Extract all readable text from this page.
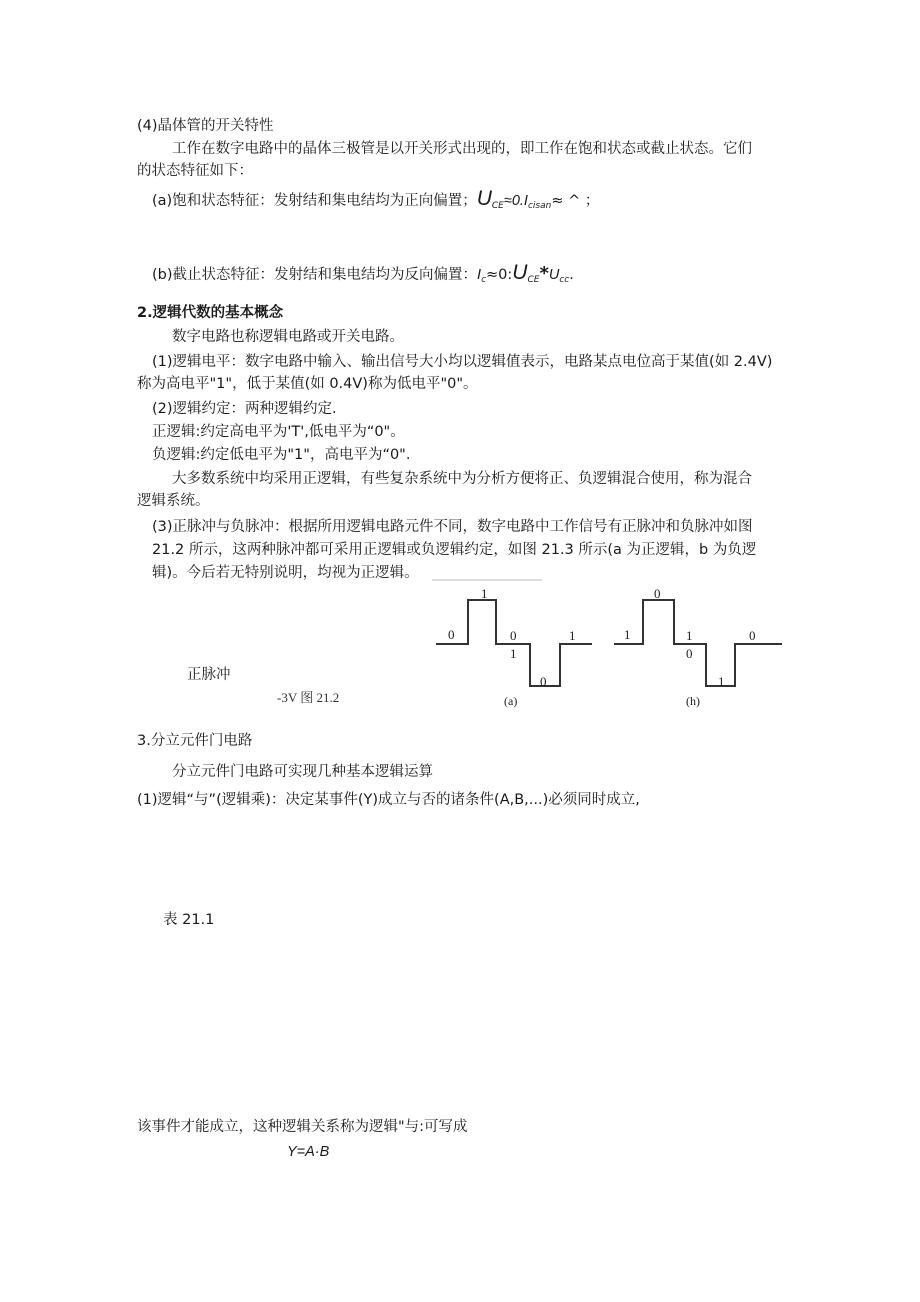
(4)晶体管的开关特性
工作在数字电路中的晶体三极管是以开关形式出现的，即工作在饱和状态或截止状态。它们
的状态特征如下：
(a)饱和状态特征：发射结和集电结均为正向偏置；$U_{CE}\approx 0.I_{cisan}\approx$ ^ ；
(b)截止状态特征：发射结和集电结均为反向偏置：$I_c\approx 0:U_{CE}*U_{cc}$.
2.逻辑代数的基本概念
数字电路也称逻辑电路或开关电路。
(1)逻辑电平：数字电路中输入、输出信号大小均以逻辑值表示，电路某点电位高于某值(如 2.4V)
称为高电平"1"，低于某值(如 0.4V)称为低电平"0"。
(2)逻辑约定：两种逻辑约定.
正逻辑:约定高电平为'T',低电平为“0"。
负逻辑:约定低电平为"1"，高电平为“0".
大多数系统中均采用正逻辑，有些复杂系统中为分析方便将正、负逻辑混合使用，称为混合
逻辑系统。
(3)正脉冲与负脉冲：根据所用逻辑电路元件不同，数字电路中工作信号有正脉冲和负脉冲如图
21.2 所示，这两种脉冲都可采用正逻辑或负逻辑约定，如图 21.3 所示(a 为正逻辑，b 为负逻
辑)。今后若无特别说明，均视为正逻辑。
正脉冲
-3V 图 21.2
0
1
0
1
0
1
(a)
1
0
1
0
1
0
(h)
3.分立元件门电路
分立元件门电路可实现几种基本逻辑运算
(1)逻辑“与”(逻辑乘)：决定某事件(Y)成立与否的诸条件(A,B,...)必须同时成立,
表 21.1
该事件才能成立，这种逻辑关系称为逻辑"与:可写成
Y=A·B
